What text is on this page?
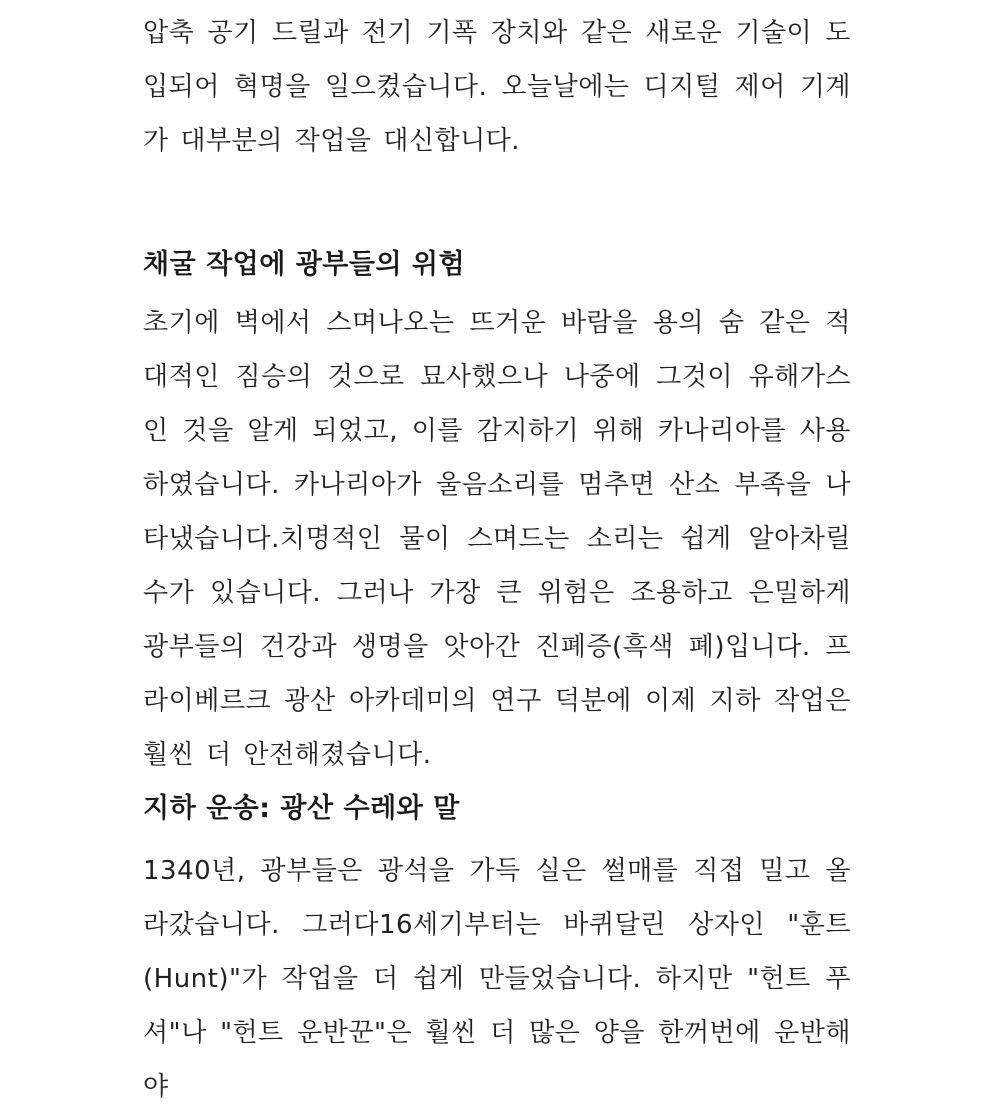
압축 공기 드릴과 전기 기폭 장치와 같은 새로운 기술이 도입되어 혁명을 일으켰습니다. 오늘날에는 디지털 제어 기계가 대부분의 작업을 대신합니다.

채굴 작업에 광부들의 위험

초기에 벽에서 스며나오는 뜨거운 바람을 용의 숨 같은 적대적인 짐승의 것으로 묘사했으나 나중에 그것이 유해가스인 것을 알게 되었고, 이를 감지하기 위해 카나리아를 사용하였습니다. 카나리아가 울음소리를 멈추면 산소 부족을 나타냈습니다.치명적인 물이 스며드는 소리는 쉽게 알아차릴 수가 있습니다. 그러나 가장 큰 위험은 조용하고 은밀하게 광부들의 건강과 생명을 앗아간 진폐증(흑색 폐)입니다. 프라이베르크 광산 아카데미의 연구 덕분에 이제 지하 작업은 훨씬 더 안전해졌습니다.

지하 운송: 광산 수레와 말

1340년, 광부들은 광석을 가득 실은 썰매를 직접 밀고 올라갔습니다. 그러다16세기부터는 바퀴달린 상자인 "훈트(Hunt)"가 작업을 더 쉽게 만들었습니다. 하지만 "헌트 푸셔"나 "헌트 운반꾼"은 훨씬 더 많은 양을 한꺼번에 운반해야
